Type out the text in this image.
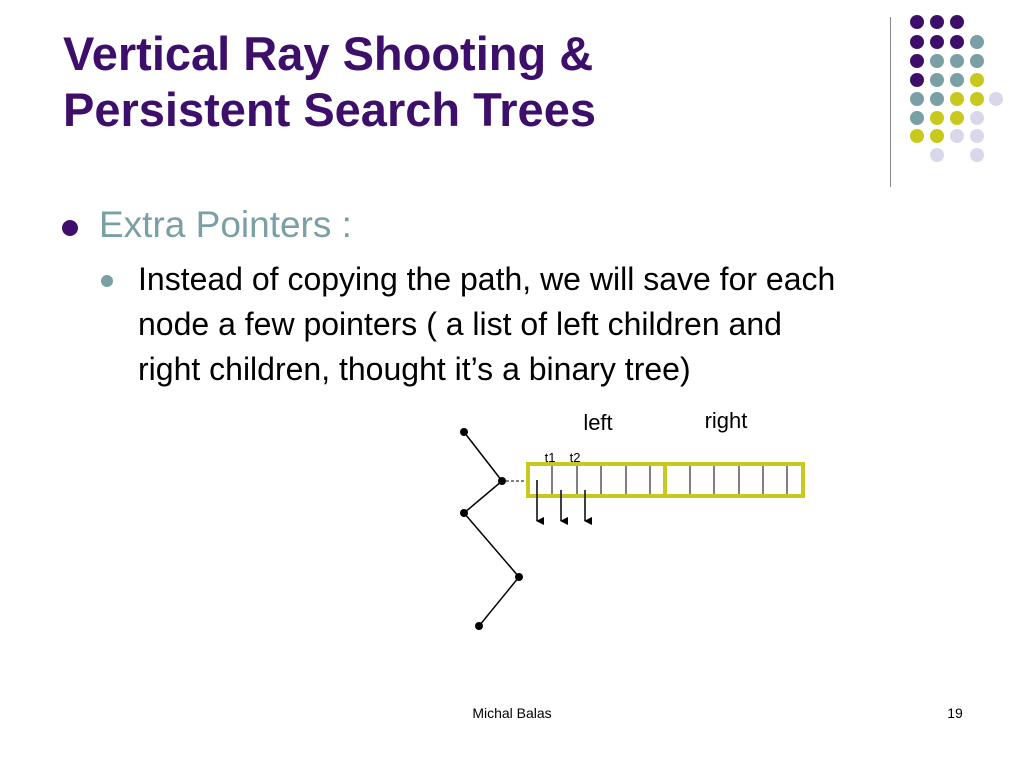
Vertical Ray Shooting &
Persistent Search Trees
Extra Pointers :
Instead of copying the path, we will save for each
node a few pointers ( a list of left children and
right children, thought it’s a binary tree)
left	right
t1 t2
Michal Balas	19
